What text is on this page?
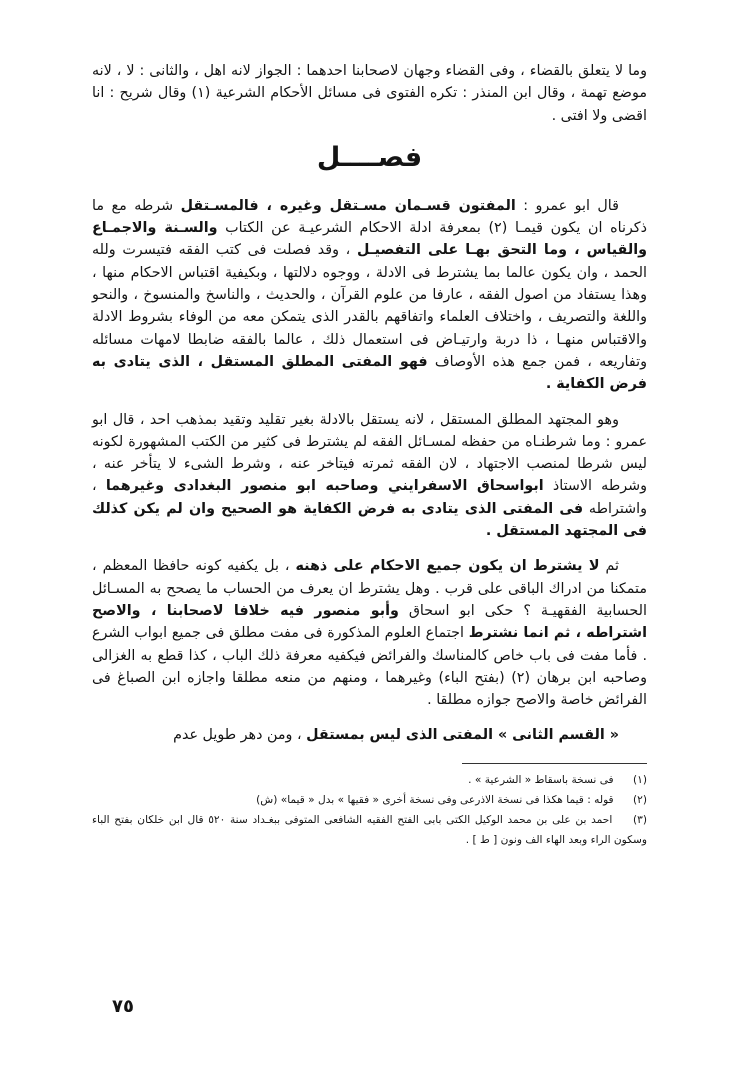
وما لا يتعلق بالقضاء ، وفى القضاء وجهان لاصحابنا احدهما : الجواز لانه اهل ، والثانى : لا ، لانه موضع تهمة ، وقال ابن المنذر : تكره الفتوى فى مسائل الأحكام الشرعية (١) وقال شريح : انا اقضى ولا افتى .

فصــــل

قال ابو عمرو : المفتون قسـمان مسـتقل وغيره ، فالمسـتقل شرطه مع ما ذكرناه ان يكون قيمـا (٢) بمعرفة ادلة الاحكام الشرعيـة عن الكتاب والسـنة والاجمـاع والقياس ، وما التحق بهـا على التفصيـل ، وقد فصلت فى كتب الفقه فتيسرت ولله الحمد ، وان يكون عالما بما يشترط فى الادلة ، ووجوه دلالتها ، وبكيفية اقتباس الاحكام منها ، وهذا يستفاد من اصول الفقه ، عارفا من علوم القرآن ، والحديث ، والناسخ والمنسوخ ، والنحو واللغة والتصريف ، واختلاف العلماء واتفاقهم بالقدر الذى يتمكن معه من الوفاء بشروط الادلة والاقتباس منهـا ، ذا دربة وارتيـاض فى استعمال ذلك ، عالما بالفقه ضابطا لامهات مسائله وتفاريعه ، فمن جمع هذه الأوصاف فهو المفتى المطلق المستقل ، الذى يتادى به فرض الكفاية .

وهو المجتهد المطلق المستقل ، لانه يستقل بالادلة بغير تقليد وتقيد بمذهب احد ، قال ابو عمرو : وما شرطنـاه من حفظه لمسـائل الفقه لم يشترط فى كثير من الكتب المشهورة لكونه ليس شرطا لمنصب الاجتهاد ، لان الفقه ثمرته فيتاخر عنه ، وشرط الشىء لا يتأخر عنه ، وشرطه الاستاذ ابواسحاق الاسفرايني وصاحبه ابو منصور البغدادى وغيرهما ، واشتراطه فى المفتى الذى يتادى به فرض الكفاية هو الصحيح وان لم يكن كذلك فى المجتهد المستقل .

ثم لا يشترط ان يكون جميع الاحكام على ذهنه ، بل يكفيه كونه حافظا المعظم ، متمكنا من ادراك الباقى على قرب . وهل يشترط ان يعرف من الحساب ما يصحح به المسـائل الحسابية الفقهيـة ؟ حكى ابو اسحاق وأبو منصور فيه خلافا لاصحابنا ، والاصح اشتراطه ، ثم انما نشترط اجتماع العلوم المذكورة فى مفت مطلق فى جميع ابواب الشرع . فأما مفت فى باب خاص كالمناسك والفرائض فيكفيه معرفة ذلك الباب ، كذا قطع به الغزالى وصاحبه ابن برهان (٢) (بفتح الباء) وغيرهما ، ومنهم من منعه مطلقا واجازه ابن الصباغ فى الفرائض خاصة والاصح جوازه مطلقا .

« القسم الثانى » المفتى الذى ليس بمستقل ، ومن دهر طويل عدم

(١) فى نسخة باسقاط « الشرعية » .
(٢) قوله : قيما هكذا فى نسخة الاذرعى وفى نسخة أخرى « فقيها » بدل « قيما» (ش)
(٣) احمد بن على بن محمد الوكيل الكتى بابى الفتح الفقيه الشافعى المتوفى ببغـداد سنة ٥٢٠ قال ابن خلكان بفتح الباء وسكون الراء وبعد الهاء الف ونون [ ط ] .
٧٥
